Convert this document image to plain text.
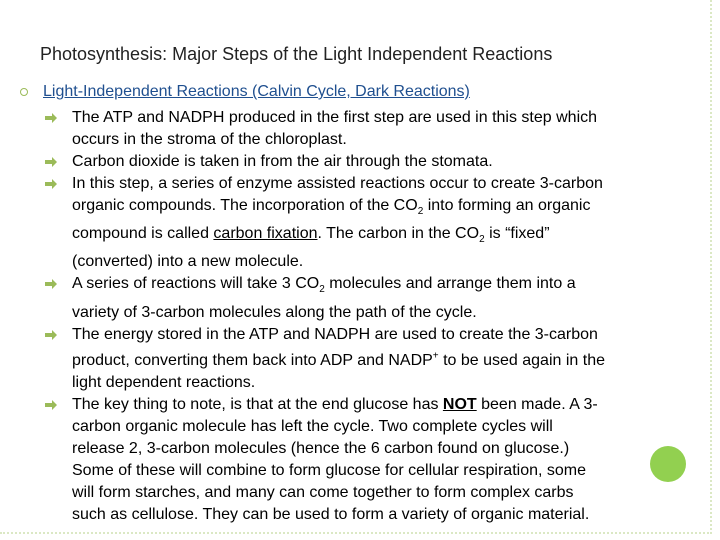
Photosynthesis: Major Steps of the Light Independent Reactions
Light-Independent Reactions (Calvin Cycle, Dark Reactions)
The ATP and NADPH produced in the first step are used in this step which
occurs in the stroma of the chloroplast.
Carbon dioxide is taken in from the air through the stomata.
In this step, a series of enzyme assisted reactions occur to create 3-carbon
organic compounds. The incorporation of the $CO_2$ into forming an organic
compound is called carbon fixation. The carbon in the $CO_2$ is “fixed”
(converted) into a new molecule.
A series of reactions will take 3 $CO_2$ molecules and arrange them into a
variety of 3-carbon molecules along the path of the cycle.
The energy stored in the ATP and NADPH are used to create the 3-carbon
product, converting them back into ADP and NADP+ to be used again in the
light dependent reactions.
The key thing to note, is that at the end glucose has NOT been made. A 3-
carbon organic molecule has left the cycle. Two complete cycles will
release 2, 3-carbon molecules (hence the 6 carbon found on glucose.)
Some of these will combine to form glucose for cellular respiration, some
will form starches, and many can come together to form complex carbs
such as cellulose. They can be used to form a variety of organic material.
